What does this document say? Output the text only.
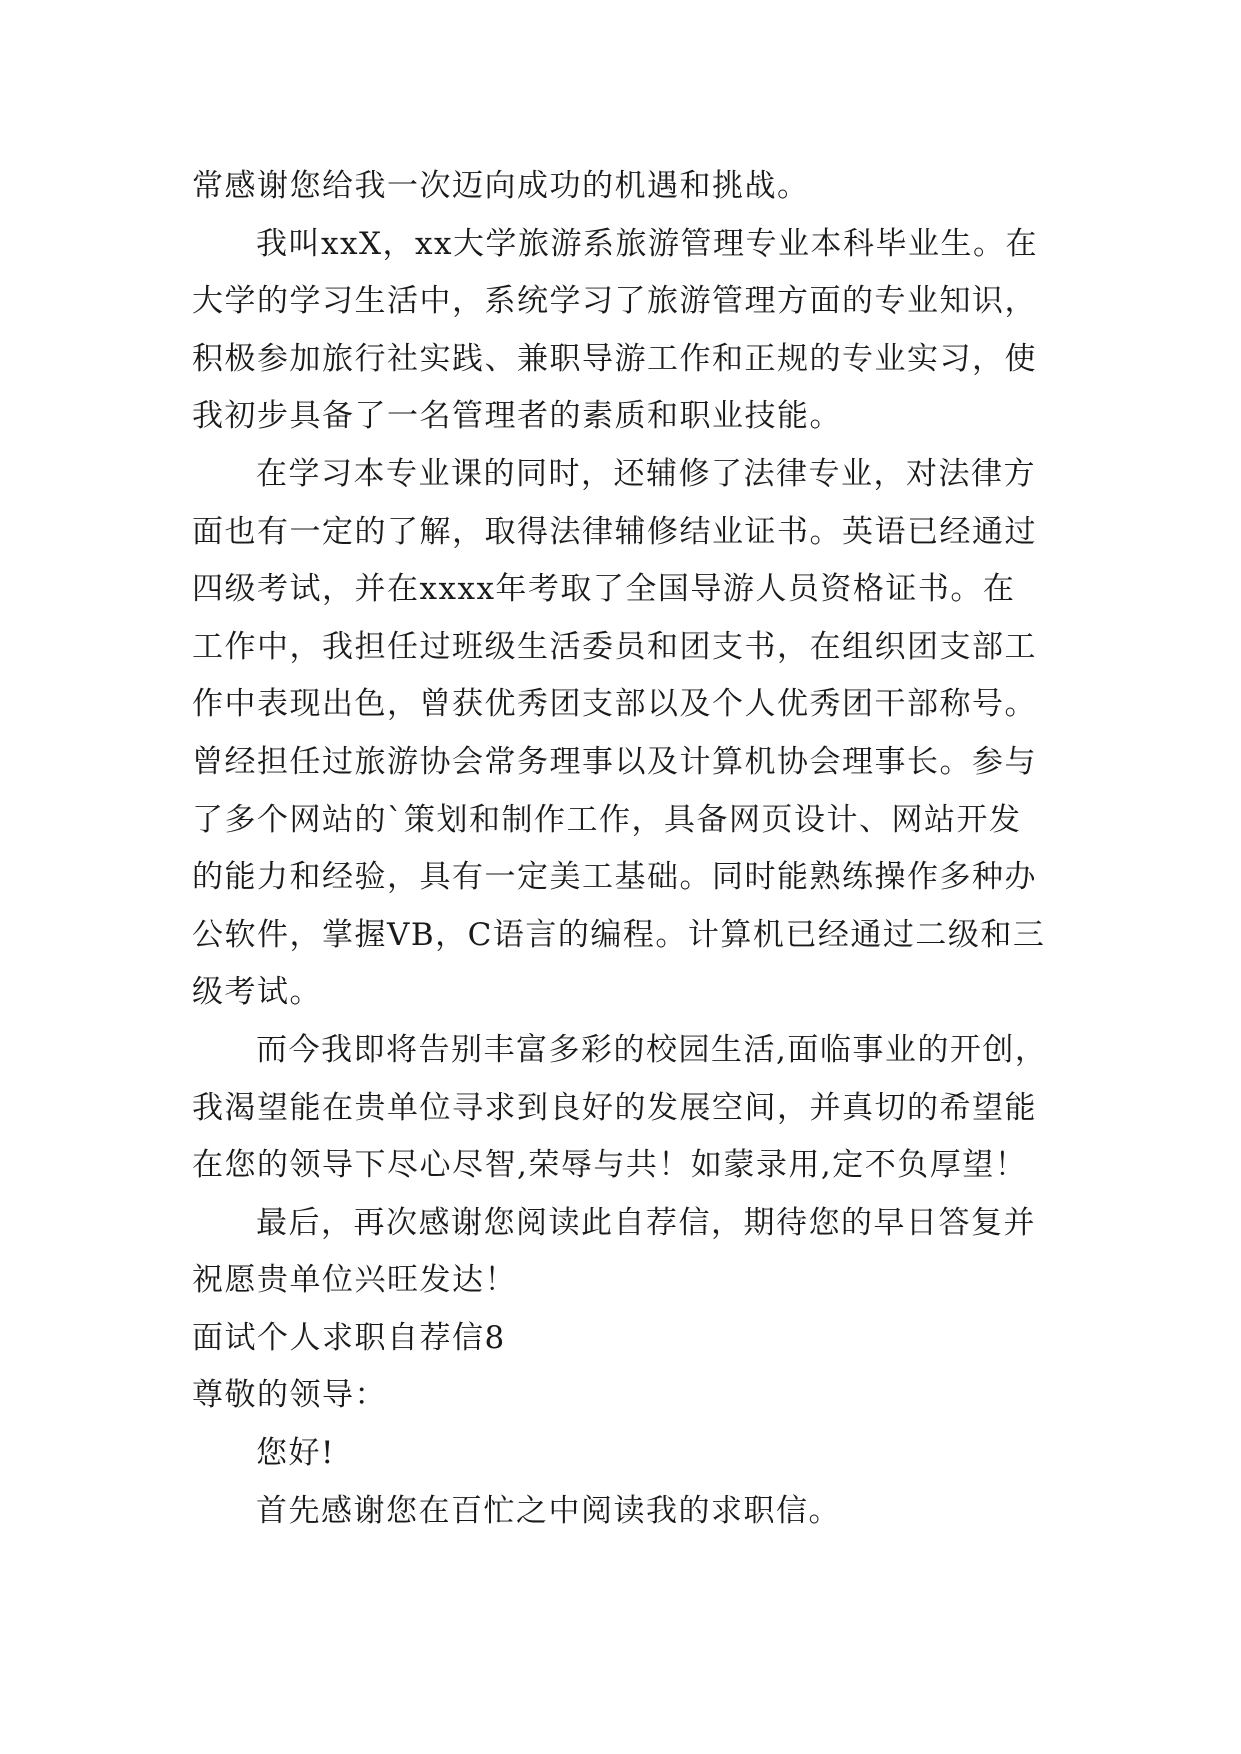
常感谢您给我一次迈向成功的机遇和挑战。
我叫xxX，xx大学旅游系旅游管理专业本科毕业生。在
大学的学习生活中，系统学习了旅游管理方面的专业知识，
积极参加旅行社实践、兼职导游工作和正规的专业实习，使
我初步具备了一名管理者的素质和职业技能。
在学习本专业课的同时，还辅修了法律专业，对法律方
面也有一定的了解，取得法律辅修结业证书。英语已经通过
四级考试，并在xxxx年考取了全国导游人员资格证书。在
工作中，我担任过班级生活委员和团支书，在组织团支部工
作中表现出色，曾获优秀团支部以及个人优秀团干部称号。
曾经担任过旅游协会常务理事以及计算机协会理事长。参与
了多个网站的`策划和制作工作，具备网页设计、网站开发
的能力和经验，具有一定美工基础。同时能熟练操作多种办
公软件，掌握VB，C语言的编程。计算机已经通过二级和三
级考试。
而今我即将告别丰富多彩的校园生活,面临事业的开创，
我渴望能在贵单位寻求到良好的发展空间，并真切的希望能
在您的领导下尽心尽智,荣辱与共！如蒙录用,定不负厚望！
最后，再次感谢您阅读此自荐信，期待您的早日答复并
祝愿贵单位兴旺发达！
面试个人求职自荐信8
尊敬的领导：
您好!
首先感谢您在百忙之中阅读我的求职信。
